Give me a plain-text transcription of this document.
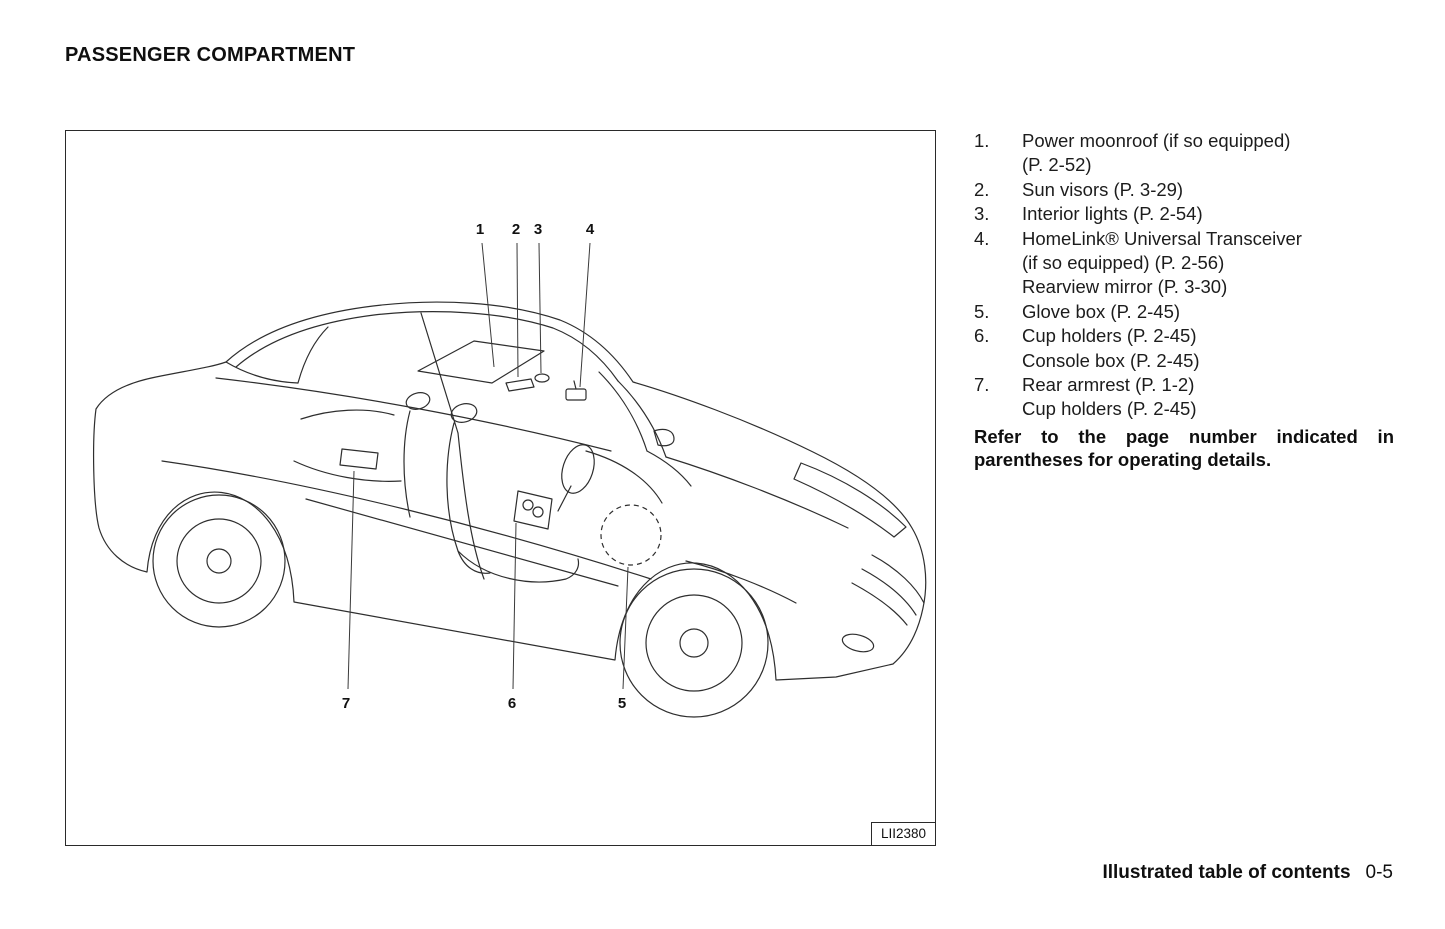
PASSENGER COMPARTMENT
1 2 3	4
5
6
7
LII2380
1.	Power moonroof (if so equipped)
(P. 2-52)
2.	Sun visors (P. 3-29)
3.	Interior lights (P. 2-54)
4.	HomeLink® Universal Transceiver
(if so equipped) (P. 2-56)
Rearview mirror (P. 3-30)
5.	Glove box (P. 2-45)
6.	Cup holders (P. 2-45)
Console box (P. 2-45)
7.	Rear armrest (P. 1-2)
Cup holders (P. 2-45)
Refer to the page number indicated in parentheses for operating details.
Illustrated table of contents 0-5
